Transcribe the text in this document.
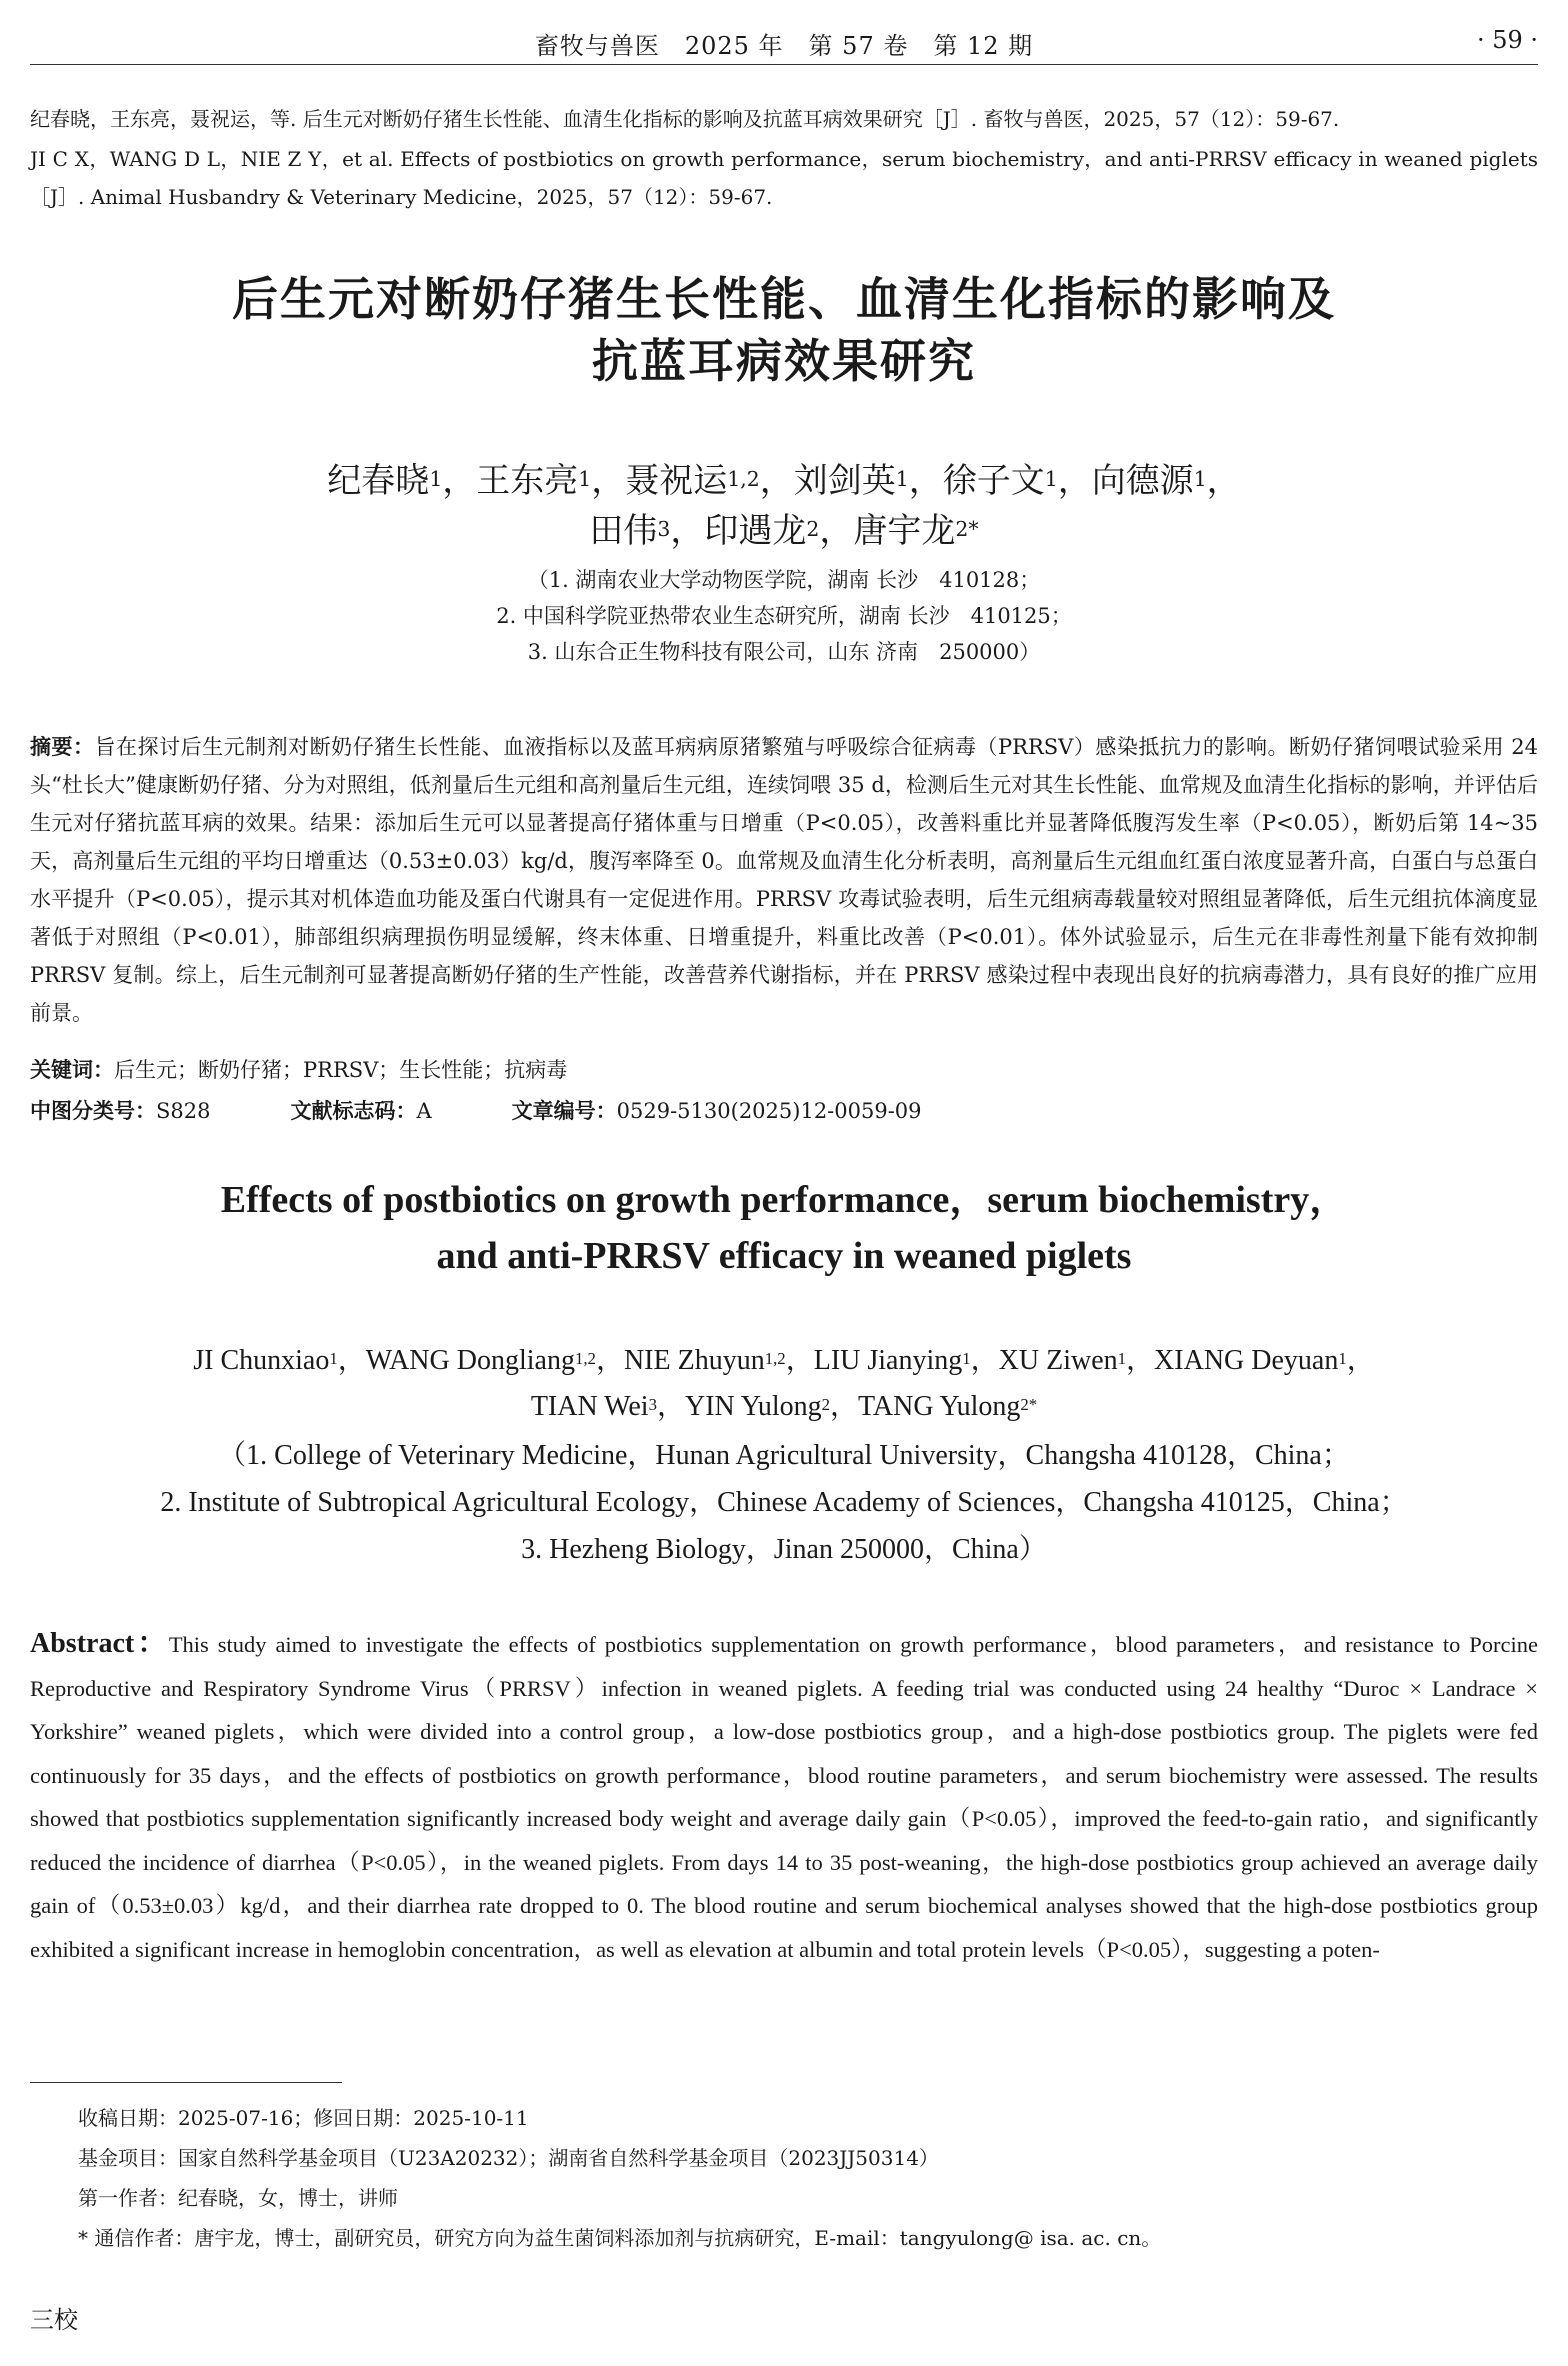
畜牧与兽医　2025 年　第 57 卷　第 12 期	· 59 ·
纪春晓，王东亮，聂祝运，等. 后生元对断奶仔猪生长性能、血清生化指标的影响及抗蓝耳病效果研究［J］. 畜牧与兽医，2025，57（12）：59-67.
JI C X，WANG D L，NIE Z Y，et al. Effects of postbiotics on growth performance，serum biochemistry，and anti-PRRSV efficacy in weaned piglets［J］. Animal Husbandry & Veterinary Medicine，2025，57（12）：59-67.
后生元对断奶仔猪生长性能、血清生化指标的影响及
抗蓝耳病效果研究
纪春晓$^1$，王东亮$^1$，聂祝运$^{1,2}$，刘剑英$^1$，徐子文$^1$，向德源$^1$，
田伟$^3$，印遇龙$^2$，唐宇龙$^{2*}$
（1. 湖南农业大学动物医学院，湖南 长沙　410128；
2. 中国科学院亚热带农业生态研究所，湖南 长沙　410125；
3. 山东合正生物科技有限公司，山东 济南　250000）
摘要：旨在探讨后生元制剂对断奶仔猪生长性能、血液指标以及蓝耳病病原猪繁殖与呼吸综合征病毒（PRRSV）感染抵抗力的影响。断奶仔猪饲喂试验采用 24 头“杜长大”健康断奶仔猪、分为对照组，低剂量后生元组和高剂量后生元组，连续饲喂 35 d，检测后生元对其生长性能、血常规及血清生化指标的影响，并评估后生元对仔猪抗蓝耳病的效果。结果：添加后生元可以显著提高仔猪体重与日增重（P<0.05），改善料重比并显著降低腹泻发生率（P<0.05），断奶后第 14~35 天，高剂量后生元组的平均日增重达（0.53±0.03）kg/d，腹泻率降至 0。血常规及血清生化分析表明，高剂量后生元组血红蛋白浓度显著升高，白蛋白与总蛋白水平提升（P<0.05），提示其对机体造血功能及蛋白代谢具有一定促进作用。PRRSV 攻毒试验表明，后生元组病毒载量较对照组显著降低，后生元组抗体滴度显著低于对照组（P<0.01），肺部组织病理损伤明显缓解，终末体重、日增重提升，料重比改善（P<0.01）。体外试验显示，后生元在非毒性剂量下能有效抑制 PRRSV 复制。综上，后生元制剂可显著提高断奶仔猪的生产性能，改善营养代谢指标，并在 PRRSV 感染过程中表现出良好的抗病毒潜力，具有良好的推广应用前景。
关键词：后生元；断奶仔猪；PRRSV；生长性能；抗病毒
中图分类号：S828	文献标志码：A	文章编号：0529-5130(2025)12-0059-09
Effects of postbiotics on growth performance，serum biochemistry，
and anti-PRRSV efficacy in weaned piglets
JI Chunxiao$^1$，WANG Dongliang$^{1,2}$，NIE Zhuyun$^{1,2}$，LIU Jianying$^1$，XU Ziwen$^1$，XIANG Deyuan$^1$，
TIAN Wei$^3$，YIN Yulong$^2$，TANG Yulong$^{2*}$
（1. College of Veterinary Medicine，Hunan Agricultural University，Changsha 410128，China；
2. Institute of Subtropical Agricultural Ecology，Chinese Academy of Sciences，Changsha 410125，China；
3. Hezheng Biology，Jinan 250000，China）
Abstract：This study aimed to investigate the effects of postbiotics supplementation on growth performance，blood parameters，and resistance to Porcine Reproductive and Respiratory Syndrome Virus（PRRSV）infection in weaned piglets. A feeding trial was conducted using 24 healthy “Duroc × Landrace × Yorkshire” weaned piglets，which were divided into a control group，a low-dose postbiotics group，and a high-dose postbiotics group. The piglets were fed continuously for 35 days，and the effects of postbiotics on growth performance，blood routine parameters，and serum biochemistry were assessed. The results showed that postbiotics supplementation significantly increased body weight and average daily gain（P<0.05），improved the feed-to-gain ratio，and significantly reduced the incidence of diarrhea（P<0.05），in the weaned piglets. From days 14 to 35 post-weaning，the high-dose postbiotics group achieved an average daily gain of（0.53±0.03）kg/d，and their diarrhea rate dropped to 0. The blood routine and serum biochemical analyses showed that the high-dose postbiotics group exhibited a significant increase in hemoglobin concentration，as well as elevation at albumin and total protein levels（P<0.05），suggesting a poten-
收稿日期：2025-07-16；修回日期：2025-10-11
基金项目：国家自然科学基金项目（U23A20232）；湖南省自然科学基金项目（2023JJ50314）
第一作者：纪春晓，女，博士，讲师
* 通信作者：唐宇龙，博士，副研究员，研究方向为益生菌饲料添加剂与抗病研究，E-mail：tangyulong@ isa. ac. cn。
三校
